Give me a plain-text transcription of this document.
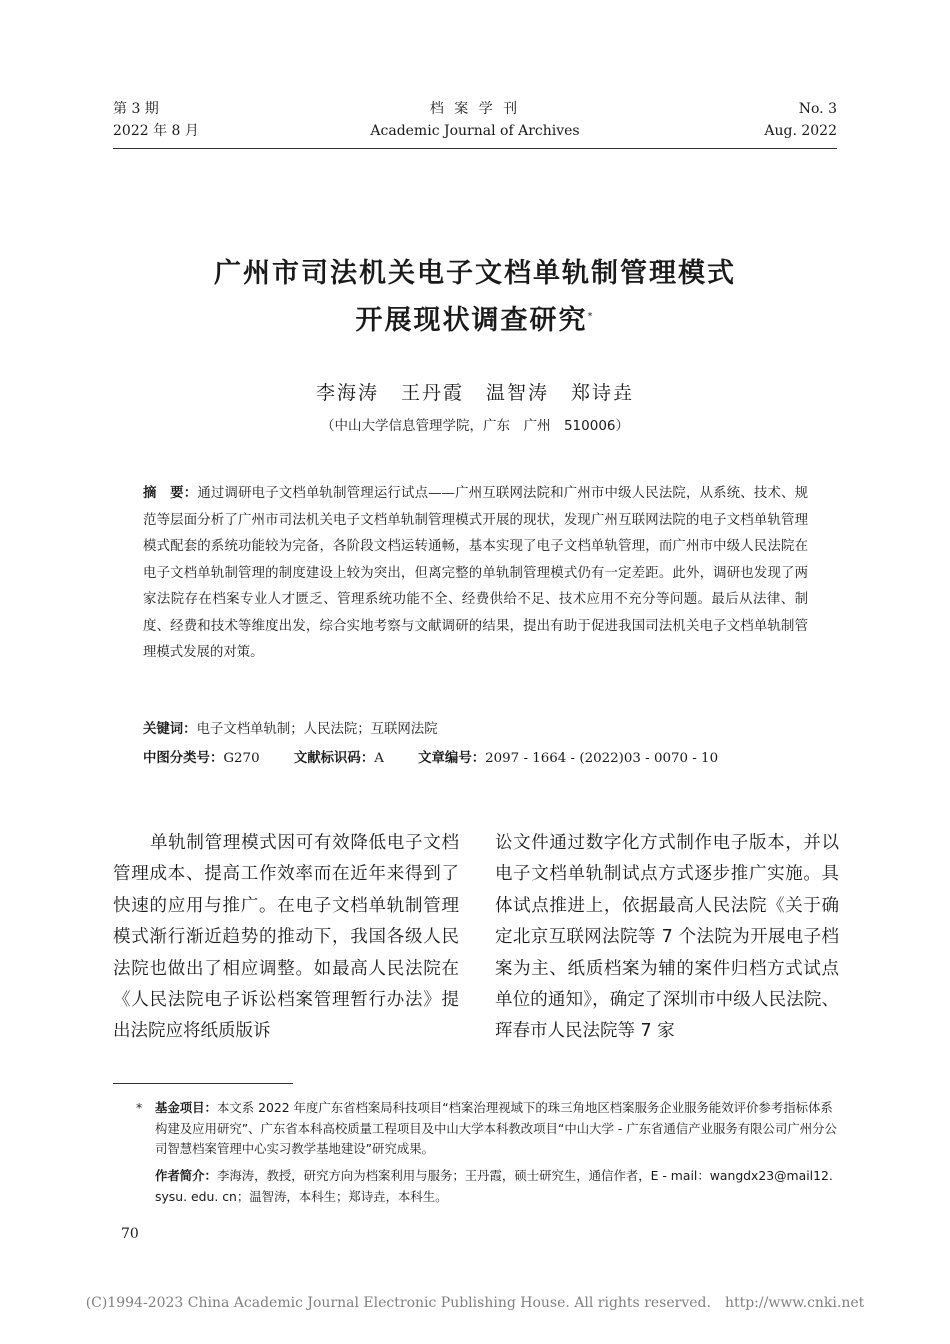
第 3 期
2022 年 8 月
档 案 学 刊
Academic Journal of Archives
No. 3
Aug. 2022
广州市司法机关电子文档单轨制管理模式
开展现状调查研究*
李海涛 王丹霞 温智涛 郑诗垚
（中山大学信息管理学院，广东　广州　510006）
摘　要：通过调研电子文档单轨制管理运行试点——广州互联网法院和广州市中级人民法院，从系统、技术、规范等层面分析了广州市司法机关电子文档单轨制管理模式开展的现状，发现广州互联网法院的电子文档单轨管理模式配套的系统功能较为完备，各阶段文档运转通畅，基本实现了电子文档单轨管理，而广州市中级人民法院在电子文档单轨制管理的制度建设上较为突出，但离完整的单轨制管理模式仍有一定差距。此外，调研也发现了两家法院存在档案专业人才匮乏、管理系统功能不全、经费供给不足、技术应用不充分等问题。最后从法律、制度、经费和技术等维度出发，综合实地考察与文献调研的结果，提出有助于促进我国司法机关电子文档单轨制管理模式发展的对策。
关键词：电子文档单轨制；人民法院；互联网法院
中图分类号：G270	文献标识码：A	文章编号：2097 - 1664 - (2022)03 - 0070 - 10
单轨制管理模式因可有效降低电子文档管理成本、提高工作效率而在近年来得到了快速的应用与推广。在电子文档单轨制管理模式渐行渐近趋势的推动下，我国各级人民法院也做出了相应调整。如最高人民法院在《人民法院电子诉讼档案管理暂行办法》提出法院应将纸质版诉
讼文件通过数字化方式制作电子版本，并以电子文档单轨制试点方式逐步推广实施。具体试点推进上，依据最高人民法院《关于确定北京互联网法院等 7 个法院为开展电子档案为主、纸质档案为辅的案件归档方式试点单位的通知》，确定了深圳市中级人民法院、珲春市人民法院等 7 家
* 基金项目：本文系 2022 年度广东省档案局科技项目“档案治理视域下的珠三角地区档案服务企业服务能效评价参考指标体系构建及应用研究”、广东省本科高校质量工程项目及中山大学本科教改项目“中山大学 - 广东省通信产业服务有限公司广州分公司智慧档案管理中心实习教学基地建设”研究成果。
作者简介：李海涛，教授，研究方向为档案利用与服务；王丹霞，硕士研究生，通信作者，E - mail：wangdx23@mail12. sysu. edu. cn；温智涛，本科生；郑诗垚，本科生。
70
(C)1994-2023 China Academic Journal Electronic Publishing House. All rights reserved. http://www.cnki.net
